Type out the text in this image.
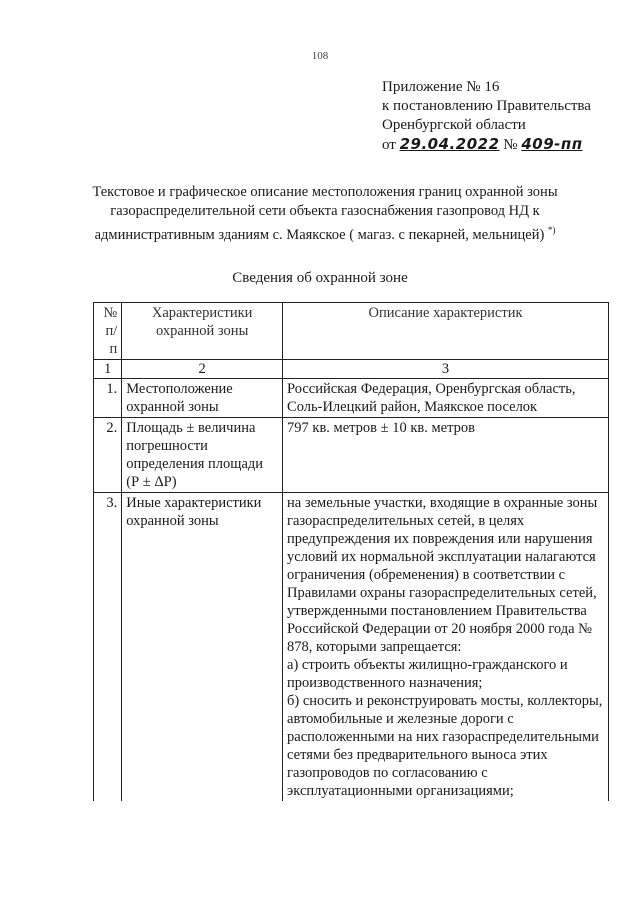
108
Приложение № 16
к постановлению Правительства
Оренбургской области
от 29.04.2022 № 409-пп
Текстовое и графическое описание местоположения границ охранной зоны газораспределительной сети объекта газоснабжения газопровод НД к административным зданиям с. Маякское ( магаз. с пекарней, мельницей) *)
Сведения об охранной зоне
№ п/п	Характеристики охранной зоны	Описание характеристик
1	2	3
1.	Местоположение охранной зоны	Российская Федерация, Оренбургская область, Соль-Илецкий район, Маякское поселок
2.	Площадь ± величина погрешности определения площади (Р ± ΔР)	797 кв. метров ± 10 кв. метров
3.	Иные характеристики охранной зоны	на земельные участки, входящие в охранные зоны газораспределительных сетей, в целях предупреждения их повреждения или нарушения условий их нормальной эксплуатации налагаются ограничения (обременения) в соответствии с Правилами охраны газораспределительных сетей, утвержденными постановлением Правительства Российской Федерации от 20 ноября 2000 года № 878, которыми запрещается:
а) строить объекты жилищно-гражданского и производственного назначения;
б) сносить и реконструировать мосты, коллекторы, автомобильные и железные дороги с расположенными на них газораспределительными сетями без предварительного выноса этих газопроводов по согласованию с эксплуатационными организациями;
